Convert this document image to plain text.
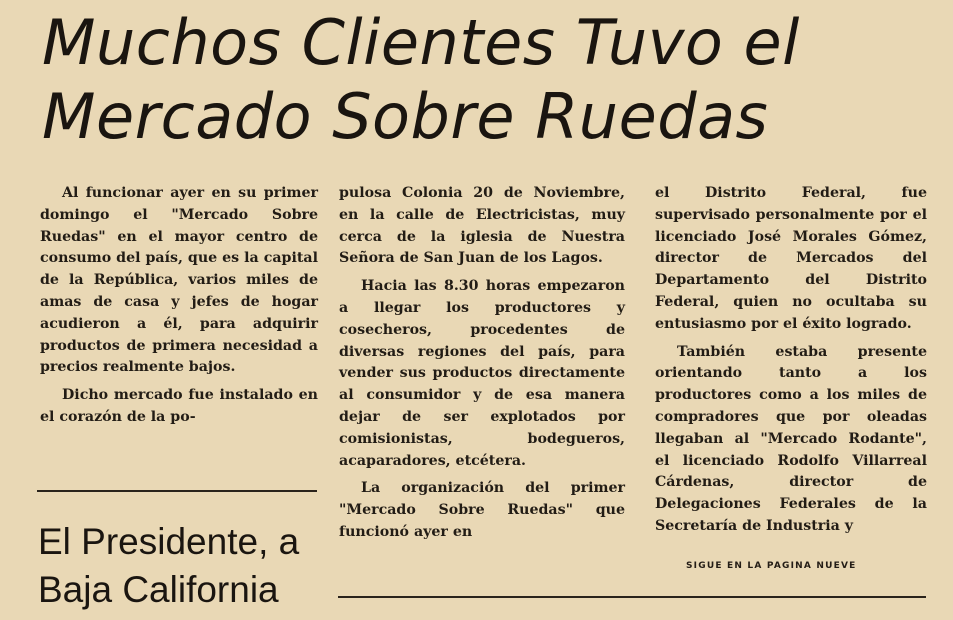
Muchos Clientes Tuvo el
Mercado Sobre Ruedas

Al funcionar ayer en su primer domingo el "Mercado Sobre Ruedas" en el mayor centro de consumo del país, que es la capital de la República, varios miles de amas de casa y jefes de hogar acudieron a él, para adquirir productos de primera necesidad a precios realmente bajos.

Dicho mercado fue instalado en el corazón de la po-

pulosa Colonia 20 de Noviembre, en la calle de Electricistas, muy cerca de la iglesia de Nuestra Señora de San Juan de los Lagos.

Hacia las 8.30 horas empezaron a llegar los productores y cosecheros, procedentes de diversas regiones del país, para vender sus productos directamente al consumidor y de esa manera dejar de ser explotados por comisionistas, bodegueros, acaparadores, etcétera.

La organización del primer "Mercado Sobre Ruedas" que funcionó ayer en

el Distrito Federal, fue supervisado personalmente por el licenciado José Morales Gómez, director de Mercados del Departamento del Distrito Federal, quien no ocultaba su entusiasmo por el éxito logrado.

También estaba presente orientando tanto a los productores como a los miles de compradores que por oleadas llegaban al "Mercado Rodante", el licenciado Rodolfo Villarreal Cárdenas, director de Delegaciones Federales de la Secretaría de Industria y

El Presidente, a
Baja California
SIGUE EN LA PAGINA NUEVE
